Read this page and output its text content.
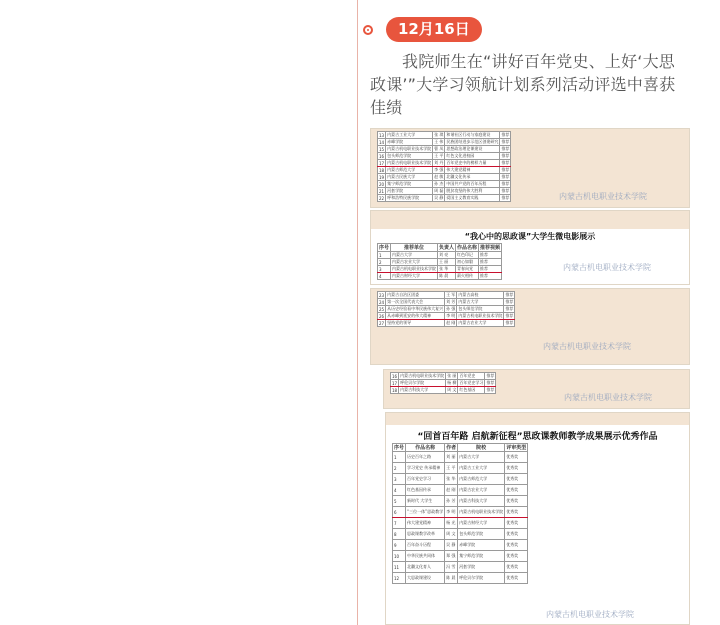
12月16日
我院师生在“讲好百年党史、上好‘大思政课’”大学习领航计划系列活动评选中喜获佳绩
13	内蒙古工业大学	张 琪	和谐社区行动与家庭建设	推荐
14	赤峰学院	王 伟	民族团结进步示范区创建研究	推荐
15	内蒙古机电职业技术学院	曹 凤	思想政治理论课建设	推荐
16	包头师范学院	王 平	红色文化进校园	推荐
17	内蒙古机电职业技术学院	刘 丹	百年党史中的榜样力量	推荐
18	内蒙古师范大学	李 强	伟大建党精神	推荐
19	内蒙古民族大学	赵 敏	北疆文化传承	推荐
20	集宁师范学院	孙 杰	中国共产党的百年历程	推荐
21	河套学院	周 磊	脱贫攻坚的伟大胜利	推荐
22	呼和浩特民族学院	吴 静	爱国主义教育实践	推荐	内蒙古机电职业技术学院
“我心中的思政课”大学生微电影展示
序号	推荐单位	负责人	作品名称	推荐视频
1	内蒙古大学	刘 亮	红色印记	推荐
2	内蒙古农业大学	王 丽	初心如磐	推荐
3	内蒙古机电职业技术学院	张 华	青春向党	推荐
4	内蒙古财经大学	陈 晨	薪火相传	推荐
内蒙古机电职业技术学院
23	内蒙古自治区团委	王 军	内蒙古高校	推荐
24	第一次全国代表大会	刘 芳	内蒙古大学	推荐
25	从历史经验看中华民族伟大复兴	孙 强	包头师范学院	推荐
26	从赤峰到延安的伟大精神	李 明	内蒙古机电职业技术学院	推荐
27	坚持党的领导	赵 刚	内蒙古农业大学	推荐
内蒙古机电职业技术学院
16	内蒙古机电职业技术学院	张 丽	百年党史	推荐
17	呼伦贝尔学院	杨 柳	百年党史学习	推荐
18	内蒙古科技大学	周 文	红色基因	推荐
内蒙古机电职业技术学院
“回首百年路 启航新征程”思政课教师教学成果展示优秀作品
序号	作品名称	作者	院校	评审类型
1	历史百年之路	刘 丽	内蒙古大学	优秀奖
2	学习党史 传承精神	王 平	内蒙古工业大学	优秀奖
3	百年党史学习	张 华	内蒙古师范大学	优秀奖
4	红色基因传承	赵 刚	内蒙古农业大学	优秀奖
5	新时代 大学生	孙 芳	内蒙古科技大学	优秀奖
6	“三位一体”思政教学	李 明	内蒙古机电职业技术学院	优秀奖
7	伟大建党精神	杨 光	内蒙古财经大学	优秀奖
8	思政课教学改革	周 文	包头师范学院	优秀奖
9	百年奋斗历程	吴 静	赤峰学院	优秀奖
10	中华民族共同体	郑 强	集宁师范学院	优秀奖
11	北疆文化育人	冯 雪	河套学院	优秀奖
12	大思政课建设	陈 晨	呼伦贝尔学院	优秀奖
内蒙古机电职业技术学院
